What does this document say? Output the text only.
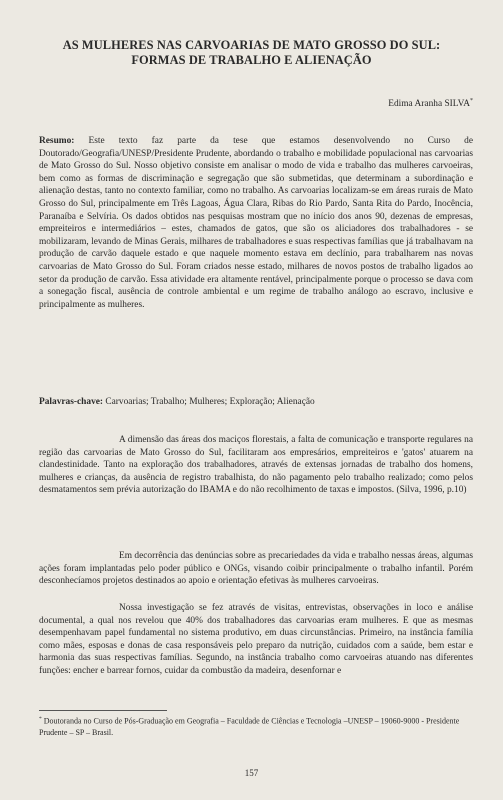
AS MULHERES NAS CARVOARIAS DE MATO GROSSO DO SUL:
FORMAS DE TRABALHO E ALIENAÇÃO
Edima Aranha SILVA*

Resumo: Este texto faz parte da tese que estamos desenvolvendo no Curso de Doutorado/Geografia/UNESP/Presidente Prudente, abordando o trabalho e mobilidade populacional nas carvoarias de Mato Grosso do Sul. Nosso objetivo consiste em analisar o modo de vida e trabalho das mulheres carvoeiras, bem como as formas de discriminação e segregação que são submetidas, que determinam a subordinação e alienação destas, tanto no contexto familiar, como no trabalho. As carvoarias localizam-se em áreas rurais de Mato Grosso do Sul, principalmente em Três Lagoas, Água Clara, Ribas do Rio Pardo, Santa Rita do Pardo, Inocência, Paranaíba e Selvíria. Os dados obtidos nas pesquisas mostram que no início dos anos 90, dezenas de empresas, empreiteiros e intermediários – estes, chamados de gatos, que são os aliciadores dos trabalhadores - se mobilizaram, levando de Minas Gerais, milhares de trabalhadores e suas respectivas famílias que já trabalhavam na produção de carvão daquele estado e que naquele momento estava em declínio, para trabalharem nas novas carvoarias de Mato Grosso do Sul. Foram criados nesse estado, milhares de novos postos de trabalho ligados ao setor da produção de carvão. Essa atividade era altamente rentável, principalmente porque o processo se dava com a sonegação fiscal, ausência de controle ambiental e um regime de trabalho análogo ao escravo, inclusive e principalmente as mulheres.

Palavras-chave: Carvoarias; Trabalho; Mulheres; Exploração; Alienação

A dimensão das áreas dos maciços florestais, a falta de comunicação e transporte regulares na região das carvoarias de Mato Grosso do Sul, facilitaram aos empresários, empreiteiros e 'gatos' atuarem na clandestinidade. Tanto na exploração dos trabalhadores, através de extensas jornadas de trabalho dos homens, mulheres e crianças, da ausência de registro trabalhista, do não pagamento pelo trabalho realizado; como pelos desmatamentos sem prévia autorização do IBAMA e do não recolhimento de taxas e impostos. (Silva, 1996, p.10)

Em decorrência das denúncias sobre as precariedades da vida e trabalho nessas áreas, algumas ações foram implantadas pelo poder público e ONGs, visando coibir principalmente o trabalho infantil. Porém desconhecíamos projetos destinados ao apoio e orientação efetivas às mulheres carvoeiras.

Nossa investigação se fez através de visitas, entrevistas, observações in loco e análise documental, a qual nos revelou que 40% dos trabalhadores das carvoarias eram mulheres. E que as mesmas desempenhavam papel fundamental no sistema produtivo, em duas circunstâncias. Primeiro, na instância família como mães, esposas e donas de casa responsáveis pelo preparo da nutrição, cuidados com a saúde, bem estar e harmonia das suas respectivas famílias. Segundo, na instância trabalho como carvoeiras atuando nas diferentes funções: encher e barrear fornos, cuidar da combustão da madeira, desenfornar e

* Doutoranda no Curso de Pós-Graduação em Geografia – Faculdade de Ciências e Tecnologia –UNESP – 19060-9000 - Presidente Prudente – SP – Brasil.

157
